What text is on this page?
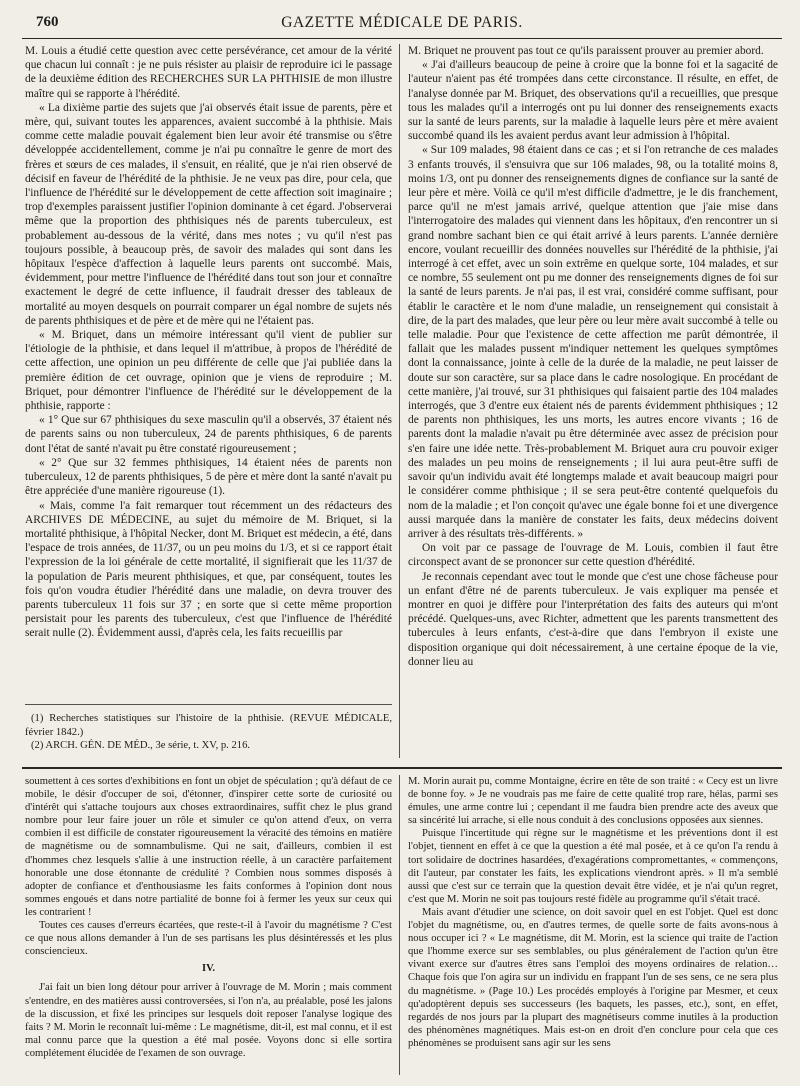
760	GAZETTE MÉDICALE DE PARIS.

M. Louis a étudié cette question avec cette persévérance, cet amour de la vérité que chacun lui connaît : je ne puis résister au plaisir de reproduire ici le passage de la deuxième édition des RECHERCHES SUR LA PHTHISIE de mon illustre maître qui se rapporte à l'hérédité.

« La dixième partie des sujets que j'ai observés était issue de parents, père et mère, qui, suivant toutes les apparences, avaient succombé à la phthisie. Mais comme cette maladie pouvait également bien leur avoir été transmise ou s'être développée accidentellement, comme je n'ai pu connaître le genre de mort des frères et sœurs de ces malades, il s'ensuit, en réalité, que je n'ai rien observé de décisif en faveur de l'hérédité de la phthisie. Je ne veux pas dire, pour cela, que l'influence de l'hérédité sur le développement de cette affection soit imaginaire ; trop d'exemples paraissent justifier l'opinion dominante à cet égard. J'observerai même que la proportion des phthisiques nés de parents tuberculeux, est probablement au-dessous de la vérité, dans mes notes ; vu qu'il n'est pas toujours possible, à beaucoup près, de savoir des malades qui sont dans les hôpitaux l'espèce d'affection à laquelle leurs parents ont succombé. Mais, évidemment, pour mettre l'influence de l'hérédité dans tout son jour et connaître exactement le degré de cette influence, il faudrait dresser des tableaux de mortalité au moyen desquels on pourrait comparer un égal nombre de sujets nés de parents phthisiques et de père et de mère qui ne l'étaient pas.

« M. Briquet, dans un mémoire intéressant qu'il vient de publier sur l'étiologie de la phthisie, et dans lequel il m'attribue, à propos de l'hérédité de cette affection, une opinion un peu différente de celle que j'ai publiée dans la première édition de cet ouvrage, opinion que je viens de reproduire ; M. Briquet, pour démontrer l'influence de l'hérédité sur le développement de la phthisie, rapporte :

« 1° Que sur 67 phthisiques du sexe masculin qu'il a observés, 37 étaient nés de parents sains ou non tuberculeux, 24 de parents phthisiques, 6 de parents dont l'état de santé n'avait pu être constaté rigoureusement ;

« 2° Que sur 32 femmes phthisiques, 14 étaient nées de parents non tuberculeux, 12 de parents phthisiques, 5 de père et mère dont la santé n'avait pu être appréciée d'une manière rigoureuse (1).

« Mais, comme l'a fait remarquer tout récemment un des rédacteurs des ARCHIVES DE MÉDECINE, au sujet du mémoire de M. Briquet, si la mortalité phthisique, à l'hôpital Necker, dont M. Briquet est médecin, a été, dans l'espace de trois années, de 11/37, ou un peu moins du 1/3, et si ce rapport était l'expression de la loi générale de cette mortalité, il signifierait que les 11/37 de la population de Paris meurent phthisiques, et que, par conséquent, toutes les fois qu'on voudra étudier l'hérédité dans une maladie, on devra trouver des parents tuberculeux 11 fois sur 37 ; en sorte que si cette même proportion persistait pour les parents des tuberculeux, c'est que l'influence de l'hérédité serait nulle (2). Évidemment aussi, d'après cela, les faits recueillis par

M. Briquet ne prouvent pas tout ce qu'ils paraissent prouver au premier abord.

« J'ai d'ailleurs beaucoup de peine à croire que la bonne foi et la sagacité de l'auteur n'aient pas été trompées dans cette circonstance. Il résulte, en effet, de l'analyse donnée par M. Briquet, des observations qu'il a recueillies, que presque tous les malades qu'il a interrogés ont pu lui donner des renseignements exacts sur la santé de leurs parents, sur la maladie à laquelle leurs père et mère avaient succombé quand ils les avaient perdus avant leur admission à l'hôpital.

« Sur 109 malades, 98 étaient dans ce cas ; et si l'on retranche de ces malades 3 enfants trouvés, il s'ensuivra que sur 106 malades, 98, ou la totalité moins 8, moins 1/3, ont pu donner des renseignements dignes de confiance sur la santé de leur père et mère. Voilà ce qu'il m'est difficile d'admettre, je le dis franchement, parce qu'il ne m'est jamais arrivé, quelque attention que j'aie mise dans l'interrogatoire des malades qui viennent dans les hôpitaux, d'en rencontrer un si grand nombre sachant bien ce qui était arrivé à leurs parents. L'année dernière encore, voulant recueillir des données nouvelles sur l'hérédité de la phthisie, j'ai interrogé à cet effet, avec un soin extrême en quelque sorte, 104 malades, et sur ce nombre, 55 seulement ont pu me donner des renseignements dignes de foi sur la santé de leurs parents. Je n'ai pas, il est vrai, considéré comme suffisant, pour établir le caractère et le nom d'une maladie, un renseignement qui consistait à dire, de la part des malades, que leur père ou leur mère avait succombé à telle ou telle maladie. Pour que l'existence de cette affection me parût démontrée, il fallait que les malades pussent m'indiquer nettement les quelques symptômes dont la connaissance, jointe à celle de la durée de la maladie, ne peut laisser de doute sur son caractère, sur sa place dans le cadre nosologique. En procédant de cette manière, j'ai trouvé, sur 31 phthisiques qui faisaient partie des 104 malades interrogés, que 3 d'entre eux étaient nés de parents évidemment phthisiques ; 12 de parents non phthisiques, les uns morts, les autres encore vivants ; 16 de parents dont la maladie n'avait pu être déterminée avec assez de précision pour s'en faire une idée nette. Très-probablement M. Briquet aura cru pouvoir exiger des malades un peu moins de renseignements ; il lui aura peut-être suffi de savoir qu'un individu avait été longtemps malade et avait beaucoup maigri pour le considérer comme phthisique ; il se sera peut-être contenté quelquefois du nom de la maladie ; et l'on conçoit qu'avec une égale bonne foi et une divergence aussi marquée dans la manière de constater les faits, deux médecins doivent arriver à des résultats très-différents. »

On voit par ce passage de l'ouvrage de M. Louis, combien il faut être circonspect avant de se prononcer sur cette question d'hérédité.

Je reconnais cependant avec tout le monde que c'est une chose fâcheuse pour un enfant d'être né de parents tuberculeux. Je vais expliquer ma pensée et montrer en quoi je diffère pour l'interprétation des faits des auteurs qui m'ont précédé. Quelques-uns, avec Richter, admettent que les parents transmettent des tubercules à leurs enfants, c'est-à-dire que dans l'embryon il existe une disposition organique qui doit nécessairement, à une certaine époque de la vie, donner lieu au

(1) Recherches statistiques sur l'histoire de la phthisie. (REVUE MÉDICALE, février 1842.)

(2) ARCH. GÉN. DE MÉD., 3e série, t. XV, p. 216.

soumettent à ces sortes d'exhibitions en font un objet de spéculation ; qu'à défaut de ce mobile, le désir d'occuper de soi, d'étonner, d'inspirer cette sorte de curiosité ou d'intérêt qui s'attache toujours aux choses extraordinaires, suffit chez le plus grand nombre pour leur faire jouer un rôle et simuler ce qu'on attend d'eux, on verra combien il est difficile de constater rigoureusement la véracité des témoins en matière de magnétisme ou de somnambulisme. Qui ne sait, d'ailleurs, combien il est d'hommes chez lesquels s'allie à une instruction réelle, à un caractère parfaitement honorable une dose étonnante de crédulité ? Combien nous sommes disposés à adopter de confiance et d'enthousiasme les faits conformes à l'opinion dont nous sommes engoués et dans notre partialité de bonne foi à fermer les yeux sur ceux qui les contrarient !

Toutes ces causes d'erreurs écartées, que reste-t-il à l'avoir du magnétisme ? C'est ce que nous allons demander à l'un de ses partisans les plus désintéressés et les plus consciencieux.

IV.

J'ai fait un bien long détour pour arriver à l'ouvrage de M. Morin ; mais comment s'entendre, en des matières aussi controversées, si l'on n'a, au préalable, posé les jalons de la discussion, et fixé les principes sur lesquels doit reposer l'analyse logique des faits ? M. Morin le reconnaît lui-même : Le magnétisme, dit-il, est mal connu, et il est mal connu parce que la question a été mal posée. Voyons donc si elle sortira complétement élucidée de l'examen de son ouvrage.

M. Morin aurait pu, comme Montaigne, écrire en tête de son traité : « Cecy est un livre de bonne foy. » Je ne voudrais pas me faire de cette qualité trop rare, hélas, parmi ses émules, une arme contre lui ; cependant il me faudra bien prendre acte des aveux que sa sincérité lui arrache, si elle nous conduit à des conclusions opposées aux siennes.

Puisque l'incertitude qui règne sur le magnétisme et les préventions dont il est l'objet, tiennent en effet à ce que la question a été mal posée, et à ce qu'on l'a rendu à tort solidaire de doctrines hasardées, d'exagérations compromettantes, « commençons, dit l'auteur, par constater les faits, les explications viendront après. » Il m'a semblé aussi que c'est sur ce terrain que la question devait être vidée, et je n'ai qu'un regret, c'est que M. Morin ne soit pas toujours resté fidèle au programme qu'il s'était tracé.

Mais avant d'étudier une science, on doit savoir quel en est l'objet. Quel est donc l'objet du magnétisme, ou, en d'autres termes, de quelle sorte de faits avons-nous à nous occuper ici ? « Le magnétisme, dit M. Morin, est la science qui traite de l'action que l'homme exerce sur ses semblables, ou plus généralement de l'action qu'un être vivant exerce sur d'autres êtres sans l'emploi des moyens ordinaires de relation… Chaque fois que l'on agira sur un individu en frappant l'un de ses sens, ce ne sera plus du magnétisme. » (Page 10.) Les procédés employés à l'origine par Mesmer, et ceux qu'adoptèrent depuis ses successeurs (les baquets, les passes, etc.), sont, en effet, regardés de nos jours par la plupart des magnétiseurs comme inutiles à la production des phénomènes magnétiques. Mais est-on en droit d'en conclure pour cela que ces phénomènes se produisent sans agir sur les sens
